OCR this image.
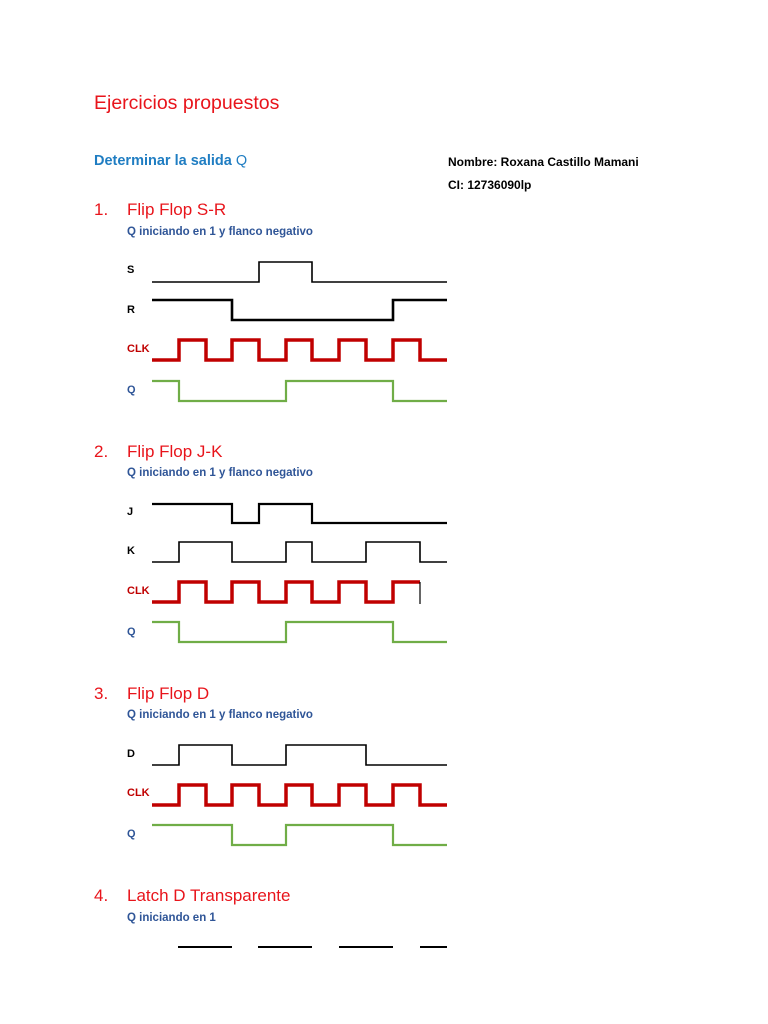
Ejercicios propuestos
Determinar la salida Q	Nombre: Roxana Castillo Mamani
CI: 12736090lp
1. Flip Flop S-R
Q iniciando en 1 y flanco negativo
S
R
CLK
Q
2. Flip Flop J-K
Q iniciando en 1 y flanco negativo
J
K
CLK
Q
3. Flip Flop D
Q iniciando en 1 y flanco negativo
D
CLK
Q
4. Latch D Transparente
Q iniciando en 1
